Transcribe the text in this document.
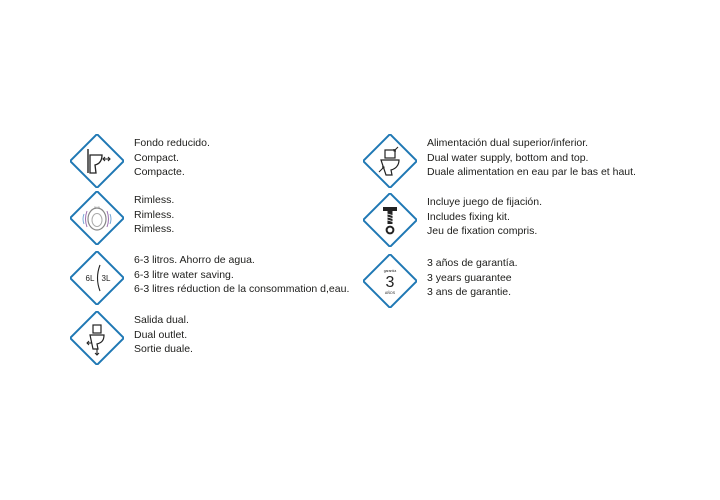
Fondo reducido.
Compact.
Compacte.
≋≋
Rimless.
Rimless.
Rimless.
6L 3L
6-3 litros. Ahorro de agua.
6-3 litre water saving.
6-3 litres réduction de la consommation d,eau.
Salida dual.
Dual outlet.
Sortie duale.
Alimentación dual superior/inferior.
Dual water supply, bottom and top.
Duale alimentation en eau par le bas et haut.
Incluye juego de fijación.
Includes fixing kit.
Jeu de fixation compris.
garantía
3
AÑOS
3 años de garantía.
3 years guarantee
3 ans de garantie.
